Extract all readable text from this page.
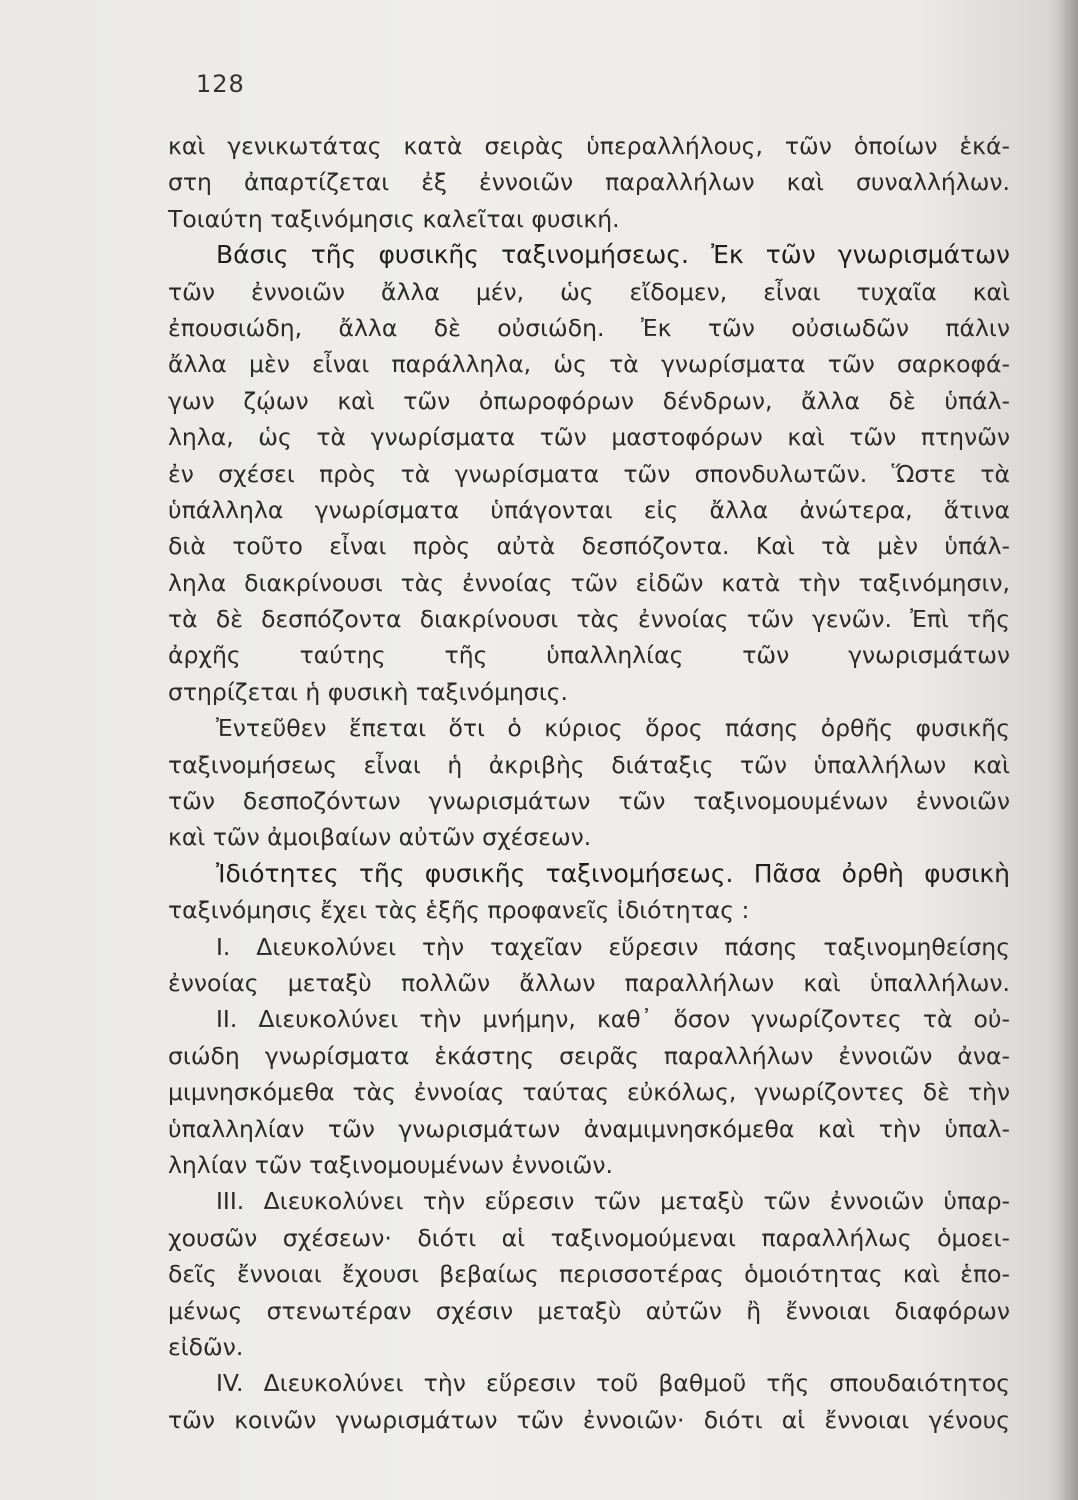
128
καὶ γενικωτάτας κατὰ σειρὰς ὑπεραλλήλους, τῶν ὁποίων ἑκά-
στη ἀπαρτίζεται ἐξ ἐννοιῶν παραλλήλων καὶ συναλλήλων.
Τοιαύτη ταξινόμησις καλεῖται φυσική.
Βάσις τῆς φυσικῆς ταξινομήσεως. Ἐκ τῶν γνωρισμάτων
τῶν ἐννοιῶν ἄλλα μέν, ὡς εἴδομεν, εἶναι τυχαῖα καὶ
ἐπουσιώδη, ἄλλα δὲ οὐσιώδη. Ἐκ τῶν οὐσιωδῶν πάλιν
ἄλλα μὲν εἶναι παράλληλα, ὡς τὰ γνωρίσματα τῶν σαρκοφά-
γων ζῴων καὶ τῶν ὀπωροφόρων δένδρων, ἄλλα δὲ ὑπάλ-
ληλα, ὡς τὰ γνωρίσματα τῶν μαστοφόρων καὶ τῶν πτηνῶν
ἐν σχέσει πρὸς τὰ γνωρίσματα τῶν σπονδυλωτῶν. Ὥστε τὰ
ὑπάλληλα γνωρίσματα ὑπάγονται εἰς ἄλλα ἀνώτερα, ἅτινα
διὰ τοῦτο εἶναι πρὸς αὐτὰ δεσπόζοντα. Καὶ τὰ μὲν ὑπάλ-
ληλα διακρίνουσι τὰς ἐννοίας τῶν εἰδῶν κατὰ τὴν ταξινόμησιν,
τὰ δὲ δεσπόζοντα διακρίνουσι τὰς ἐννοίας τῶν γενῶν. Ἐπὶ τῆς
ἀρχῆς ταύτης τῆς ὑπαλληλίας τῶν γνωρισμάτων
στηρίζεται ἡ φυσικὴ ταξινόμησις.
Ἐντεῦθεν ἕπεται ὅτι ὁ κύριος ὅρος πάσης ὀρθῆς φυσικῆς
ταξινομήσεως εἶναι ἡ ἀκριβὴς διάταξις τῶν ὑπαλλήλων καὶ
τῶν δεσποζόντων γνωρισμάτων τῶν ταξινομουμένων ἐννοιῶν
καὶ τῶν ἀμοιβαίων αὐτῶν σχέσεων.
Ἰδιότητες τῆς φυσικῆς ταξινομήσεως. Πᾶσα ὀρθὴ φυσικὴ
ταξινόμησις ἔχει τὰς ἑξῆς προφανεῖς ἰδιότητας :
I. Διευκολύνει τὴν ταχεῖαν εὕρεσιν πάσης ταξινομηθείσης
ἐννοίας μεταξὺ πολλῶν ἄλλων παραλλήλων καὶ ὑπαλλήλων.
II. Διευκολύνει τὴν μνήμην, καθ᾽ ὅσον γνωρίζοντες τὰ οὐ-
σιώδη γνωρίσματα ἑκάστης σειρᾶς παραλλήλων ἐννοιῶν ἀνα-
μιμνησκόμεθα τὰς ἐννοίας ταύτας εὐκόλως, γνωρίζοντες δὲ τὴν
ὑπαλληλίαν τῶν γνωρισμάτων ἀναμιμνησκόμεθα καὶ τὴν ὑπαλ-
ληλίαν τῶν ταξινομουμένων ἐννοιῶν.
III. Διευκολύνει τὴν εὕρεσιν τῶν μεταξὺ τῶν ἐννοιῶν ὑπαρ-
χουσῶν σχέσεων· διότι αἱ ταξινομούμεναι παραλλήλως ὁμοει-
δεῖς ἔννοιαι ἔχουσι βεβαίως περισσοτέρας ὁμοιότητας καὶ ἑπο-
μένως στενωτέραν σχέσιν μεταξὺ αὐτῶν ἢ ἔννοιαι διαφόρων
εἰδῶν.
IV. Διευκολύνει τὴν εὕρεσιν τοῦ βαθμοῦ τῆς σπουδαιότητος
τῶν κοινῶν γνωρισμάτων τῶν ἐννοιῶν· διότι αἱ ἔννοιαι γένους
